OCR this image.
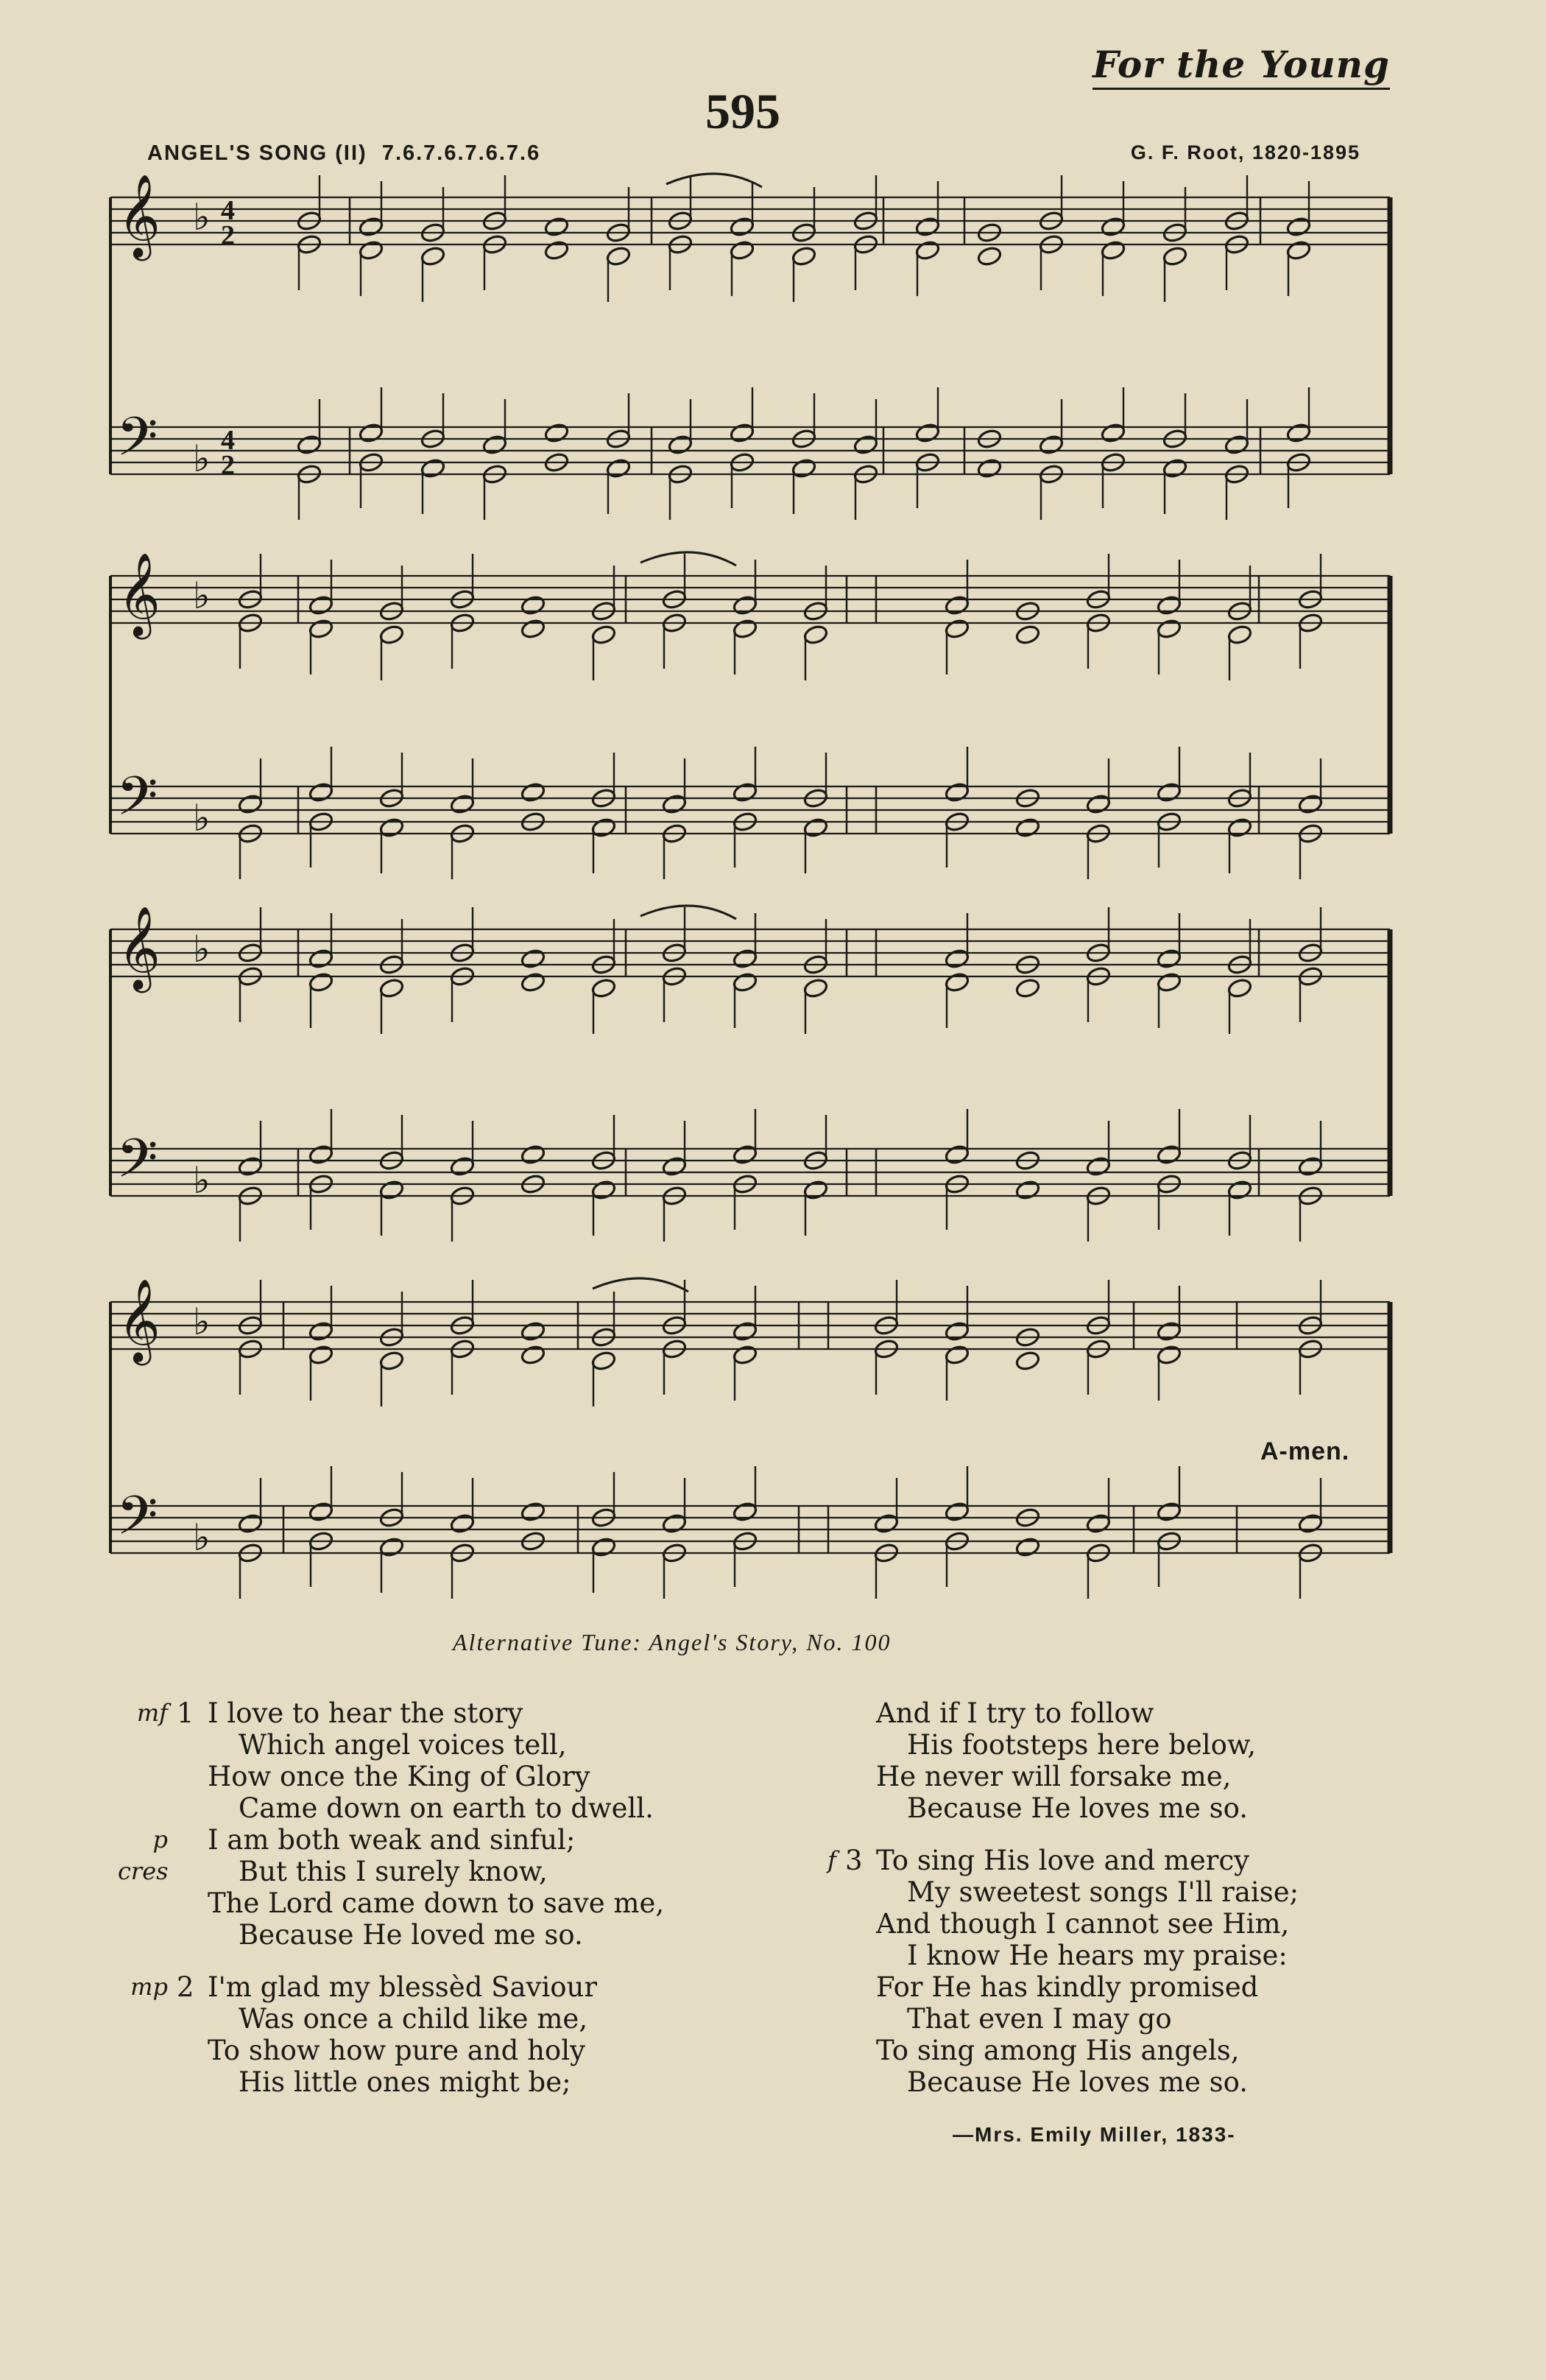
For the Young
595
ANGEL'S SONG (II) 7.6.7.6.7.6.7.6	G. F. Root, 1820-1895
𝄞 ♭ 4
2
𝄢 ♭ 4
2
𝄞 ♭
𝄢 ♭
𝄞 ♭
𝄢 ♭
𝄞 ♭
𝄢 ♭
A-men.
Alternative Tune: Angel's Story, No. 100
mf 1 I love to hear the story
Which angel voices tell,
How once the King of Glory
Came down on earth to dwell.
p I am both weak and sinful;
cres	But this I surely know,
The Lord came down to save me,
Because He loved me so.
mp 2 I'm glad my blessèd Saviour
Was once a child like me,
To show how pure and holy
His little ones might be;
And if I try to follow
His footsteps here below,
He never will forsake me,
Because He loves me so.
f 3 To sing His love and mercy
My sweetest songs I'll raise;
And though I cannot see Him,
I know He hears my praise:
For He has kindly promised
That even I may go
To sing among His angels,
Because He loves me so.
—Mrs. Emily Miller, 1833-
